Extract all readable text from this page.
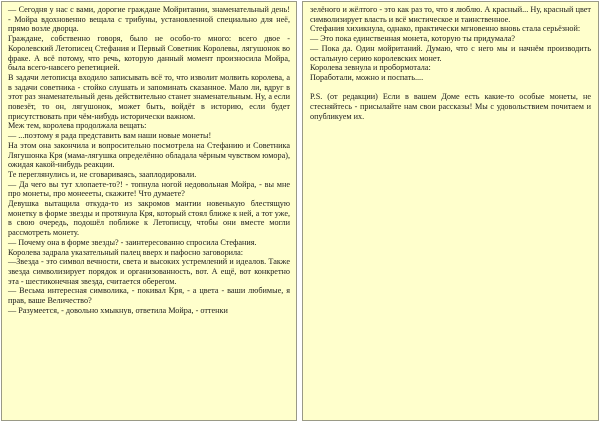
— Сегодня у нас с вами, дорогие граждане Мойритании, знаменательный день! - Мойра вдохновенно вещала с трибуны, установленной специально для неё, прямо возле дворца.

Граждане, собственно говоря, было не особо-то много: всего двое - Королевский Летописец Стефания и Первый Советник Королевы, лягушонок во фраке. А всё потому, что речь, которую данный момент произносила Мойра, была всего-навсего репетицией.

В задачи летописца входило записывать всё то, что изволит молвить королева, а в задачи советника - стойко слушать и запоминать сказанное. Мало ли, вдруг в этот раз знаменательный день действительно станет знаменательным. Ну, а если повезёт, то он, лягушонок, может быть, войдёт в историю, если будет присутствовать при чём-нибудь исторически важном.

Меж тем, королева продолжала вещать:

— ...поэтому я рада представить вам наши новые монеты!

На этом она закончила и вопросительно посмотрела на Стефанию и Советника Лягушонка Кря (мама-лягушка определённо обладала чёрным чувством юмора), ожидая какой-нибудь реакции.

Те переглянулись и, не сговариваясь, зааплодировали.

— Да чего вы тут хлопаете-то?! - топнула ногой недовольная Мойра, - вы мне про монеты, про монеееты, скажите! Что думаете?

Девушка вытащила откуда-то из закромов мантии новенькую блестящую монетку в форме звезды и протянула Кря, который стоял ближе к ней, а тот уже, в свою очередь, подошёл поближе к Летописцу, чтобы они вместе могли рассмотреть монету.

— Почему она в форме звезды? - заинтересованно спросила Стефания.

Королева задрала указательный палец вверх и пафосно заговорила:

—Звезда - это символ вечности, света и высоких устремлений и идеалов. Также звезда символизирует порядок и организованность, вот. А ещё, вот конкретно эта - шестиконечная звезда, считается оберегом.

— Весьма интересная символика, - покивал Кря, - а цвета - ваши любимые, я прав, ваше Величество?

— Разумеется, - довольно хмыкнув, ответила Мойра, - оттенки

зелёного и жёлтого - это как раз то, что я люблю. А красный... Ну, красный цвет символизирует власть и всё мистическое и таинственное.

Стефания хихикнула, однако, практически мгновенно вновь стала серьёзной:

— Это пока единственная монета, которую ты придумала?

— Пока да. Один мойританий. Думаю, что с него мы и начнём производить остальную серию королевских монет.

Королева зевнула и пробормотала:

Поработали, можно и поспать....

P.S. (от редакции) Если в вашем Доме есть какие-то особые монеты, не стесняйтесь - присылайте нам свои рассказы! Мы с удовольствием почитаем и опубликуем их.
